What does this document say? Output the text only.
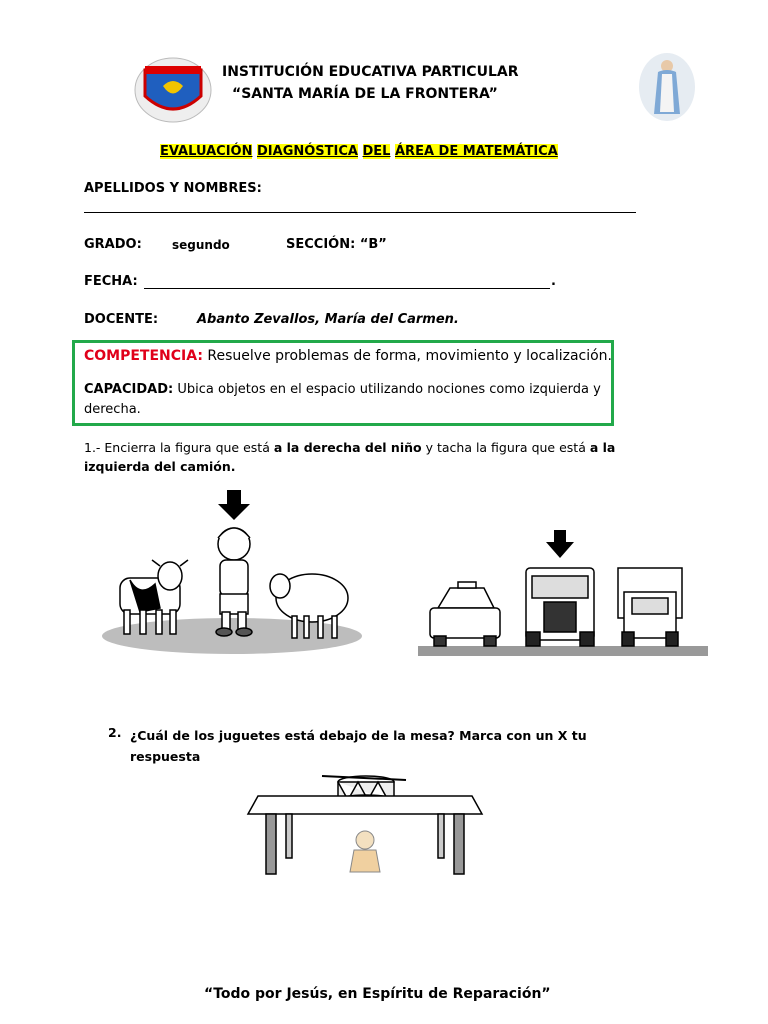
INSTITUCIÓN EDUCATIVA PARTICULAR
“SANTA MARÍA DE LA FRONTERA”
EVALUACIÓN DIAGNÓSTICA DEL ÁREA DE MATEMÁTICA
APELLIDOS Y NOMBRES:
GRADO:	segundo	SECCIÓN: “B”
FECHA:	.
DOCENTE:	Abanto Zevallos, María del Carmen.
COMPETENCIA: Resuelve problemas de forma, movimiento y localización.
CAPACIDAD: Ubica objetos en el espacio utilizando nociones como izquierda y derecha.
1.- Encierra la figura que está a la derecha del niño y tacha la figura que está a la izquierda del camión.
2. ¿Cuál de los juguetes está debajo de la mesa? Marca con un X tu respuesta
“Todo por Jesús, en Espíritu de Reparación”
